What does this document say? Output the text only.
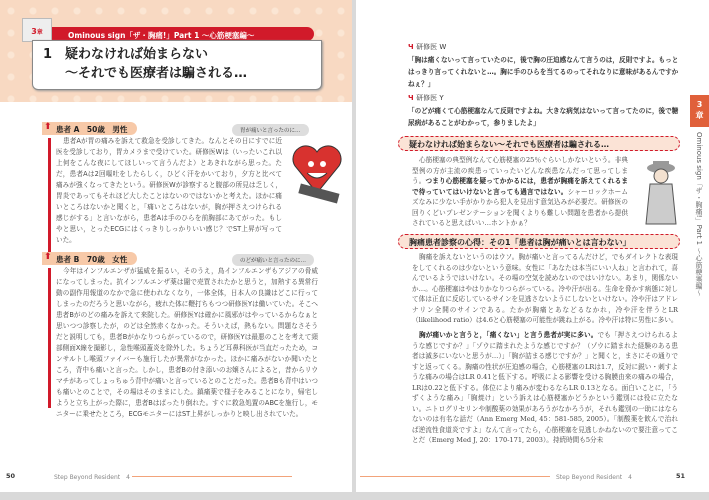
Ominous sign「ザ・胸痛!」Part 1 ～心筋梗塞編～
3章
1 疑わなければ始まらない
～それでも医療者は騙される…
⬆ 患者 A　50歳　男性	胃が痛いと言ったのに…
患者Aが胃の痛みを訴えて救急を受診してきた。なんとその日にすでに近医を受診しており，胃カメラまで受けていた。研修医Wは（いったいこれ以上何をこんな夜にしてほしいって言うんだよ）とあきれながら思った。ただ，患者Aは2回嘔吐をしたらしく，ひどく汗をかいており，夕方と比べて痛みが強くなってきたという。研修医Wが診察すると腹部の所見は乏しく，胃炎であってもそれほど大したことはないのではないかと考えた。ほかに痛いところはないかと聞くと，「痛いところはないが，胸が押さえつけられる感じがする」と言いながら，患者Aは手のひらを前胸部にあてがった。もしやと思い，とったECGにはくっきりしっかりいい感じ？でST上昇が写っていた。
⬆ 患者 B　70歳　女性	のどが痛いと言ったのに…
今年はインフルエンザが猛威を振るい，そのうえ，鳥インフルエンザもアジアの脅威になってしまった。抗インフルエンザ薬は闇で売買されたかと思うと，加熱する異常行動の副作用報道のなかで急に使われなくなり，一体全体，日本人の良識はどこに行ってしまったのだろうと思いながら，疲れた体に鞭打ちもつつ研修医Yは働いていた。そこへ患者Bがのどの痛みを訴えて来院した。研修医Yは確かに風邪がはやっているからなぁと思いつつ診察したが，のどは全然赤くなかった。そういえば，熱もない。問題なさそうだと説明しても，患者Bがかなりつらがっているので，研修医Yは最悪のことを考えて頸部側面X線を撮影し，急性喉頭蓋炎を除外した。ちょうど耳鼻科医が当直だったため，コンサルトし喉頭ファイバーも施行したが異常がなかった。ほかに痛みがないか聞いたところ，背中も痛いと言った。しかし，患者Bの付き添いのお嬢さんによると，昔からリウマチがあってしょっちゅう背中が痛いと言っているとのことだった。患者Bも背中はいつも痛いとのことで，その場はそのままにした。鎮痛薬で様子をみることになり，帰宅しようと立ち上がった際に，患者Bはばったり倒れた。すぐに救急処置のABCを施行し，モニターに乗せたところ，ECGモニターにはST上昇がしっかりと映し出されていた。
50	Step Beyond Resident　4
Ч 研修医 W
「胸は痛くないって言っていたのに，後で胸の圧迫感なんて言うのは，反則ですよ。もっとはっきり言ってくれないと…。胸に手のひらを当てるのってそれなりに意味があるんですかねぇ？」
Ч 研修医 Y
「のどが痛くて心筋梗塞なんて反則ですよね。大きな病気はないって言ってたのに，後で糖尿病があることがわかって，参りましたよ」
疑わなければ始まらない～それでも医療者は騙される…
心筋梗塞の典型例なんて心筋梗塞の25％ぐらいしかないという。非典型例の方が主流の疾患っていったいどんな疾患なんだって思ってしまう。つまり心筋梗塞を疑ってかかるには，患者が胸痛を訴えてくれるまで待っていてはいけないと言っても過言ではない。シャーロックホームズなみに少ない手がかりから犯人を見出す意気込みが必要だ。研修医の回りくどいプレゼンテーションを聞くよりも難しい問題を患者から提供されていると思えばいい…ホントかぁ？
胸痛患者診察の心得：その1「患者は胸が痛いとは言わない」
胸痛を訴えないというのはウソ。胸が痛いと言ってるんだけど，でもダイレクトな表現をしてくれるのは少ないという意味。女性に「あなたは本当にいい人ね」と言われて，喜んでいるようではいけない。その場の空気を読めないのではいけない。あまり，関係ないか…。心筋梗塞はやはりかなりつらがっている。冷や汗が出る。生命を脅かす病態に対して体は正直に反応しているサインを見逃さないようにしないといけない。冷や汗はアドレナリン全開のサインである。たかが胸痛とあなどるなかれ，冷や汗を伴うとLR（likelihood ratio）は4.6と心筋梗塞の可能性が跳ね上がる。冷や汗は特に男性に多い。
胸が痛いかと言うと，「痛くない」と言う患者が実に多い。でも「押さえつけられるような感じですか？」「ゾウに踏まれたような感じですか？（ゾウに踏まれた経験のある患者は滅多にいないと思うが…）」「胸が詰まる感じですか？」と聞くと，まさにその通りですと返ってくる。胸痛の性状が圧迫感の場合，心筋梗塞のLRは1.7，反対に鋭い・刺すような痛みの場合はLR 0.41と低下する。呼吸による影響を受ける胸膜由来の痛みの場合，LRは0.22と低下する。体位により痛みが変わるならLR 0.13となる。面白いことに，「うずくような痛み」「胸焼け」という訴えは心筋梗塞かどうかという鑑別には役に立たない。ニトログリセリンや制酸薬の効果があろうがなかろうが，それも鑑別の一助にはならないのは有名な話だ（Ann Emerg Med, 45：581-585, 2005）。「制酸薬を飲んで治れば逆流性食道炎ですよ」なんて言ってたら，心筋梗塞を見逃しかねないので要注意ってことだ（Emerg Med J, 20：170-171, 2003）。持続時間も5分未
Step Beyond Resident　4	51
3
章
Ominous sign「ザ・胸痛!」Part 1 ～心筋梗塞編～
